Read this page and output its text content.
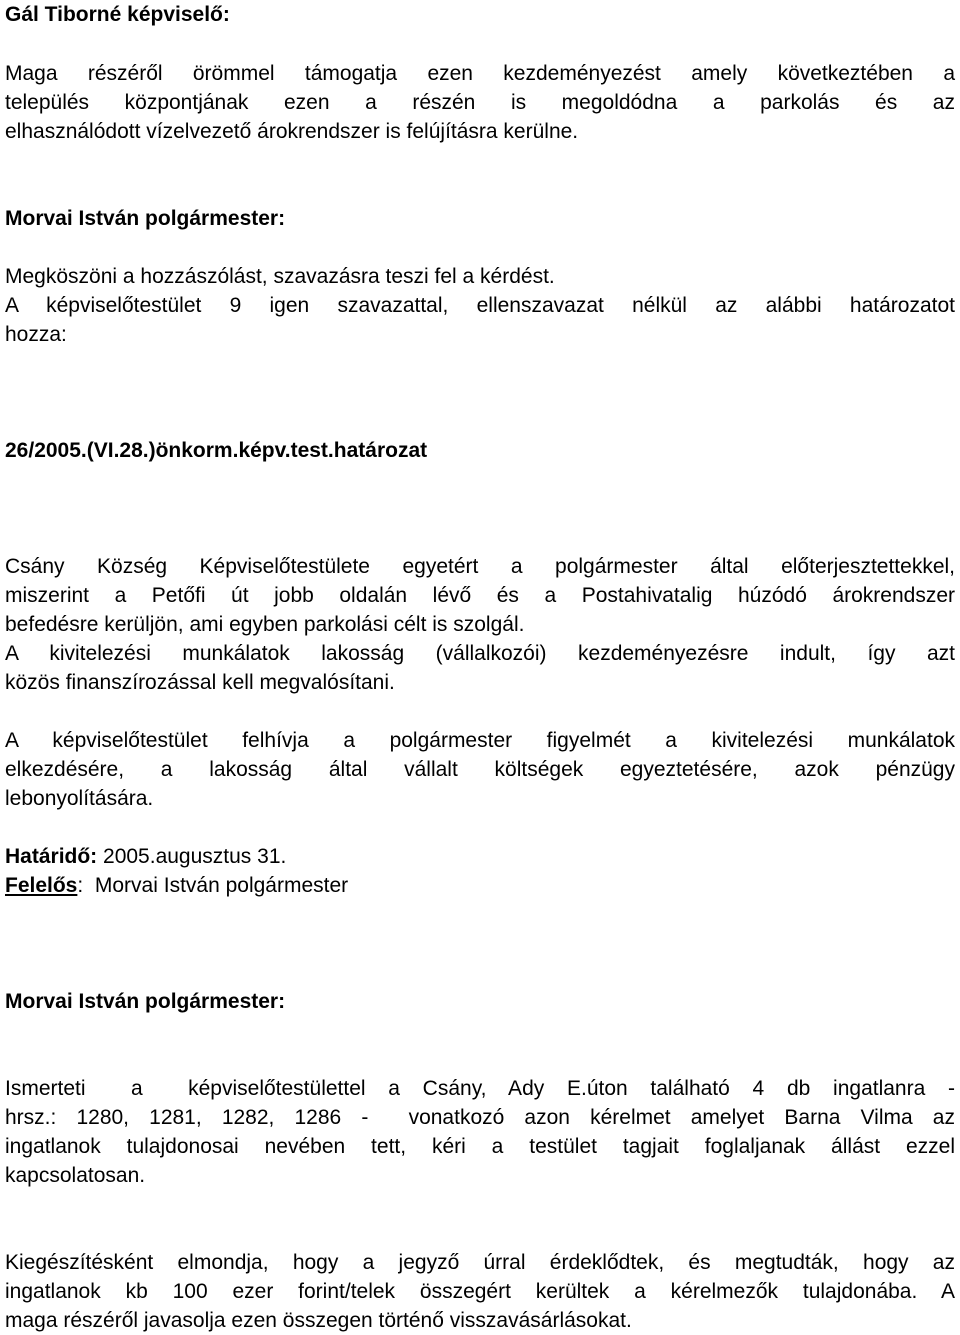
Gál Tiborné képviselő:
Maga részéről örömmel támogatja ezen kezdeményezést amely következtében a
település központjának ezen a részén is megoldódna a parkolás és az
elhasználódott vízelvezető árokrendszer is felújításra kerülne.
Morvai István polgármester:
Megköszöni a hozzászólást, szavazásra teszi fel a kérdést.
A képviselőtestület 9 igen szavazattal, ellenszavazat nélkül az alábbi határozatot
hozza:
26/2005.(VI.28.)önkorm.képv.test.határozat
Csány Község Képviselőtestülete egyetért a polgármester által előterjesztettekkel,
miszerint a Petőfi út jobb oldalán lévő és a Postahivatalig húzódó árokrendszer
befedésre kerüljön, ami egyben parkolási célt is szolgál.
A kivitelezési munkálatok lakosság (vállalkozói) kezdeményezésre indult, így azt
közös finanszírozással kell megvalósítani.
A képviselőtestület felhívja a polgármester figyelmét a kivitelezési munkálatok
elkezdésére, a lakosság által vállalt költségek egyeztetésére, azok pénzügy
lebonyolítására.
Határidő: 2005.augusztus 31.
Felelős:  Morvai István polgármester
Morvai István polgármester:
Ismerteti  a  képviselőtestülettel a Csány, Ady E.úton található 4 db ingatlanra -
hrsz.: 1280, 1281, 1282, 1286 -  vonatkozó azon kérelmet amelyet Barna Vilma az
ingatlanok tulajdonosai nevében tett, kéri a testület tagjait foglaljanak állást ezzel
kapcsolatosan.
Kiegészítésként elmondja, hogy a jegyző úrral érdeklődtek, és megtudták, hogy az
ingatlanok kb 100 ezer forint/telek összegért kerültek a kérelmezők tulajdonába. A
maga részéről javasolja ezen összegen történő visszavásárlásokat.
